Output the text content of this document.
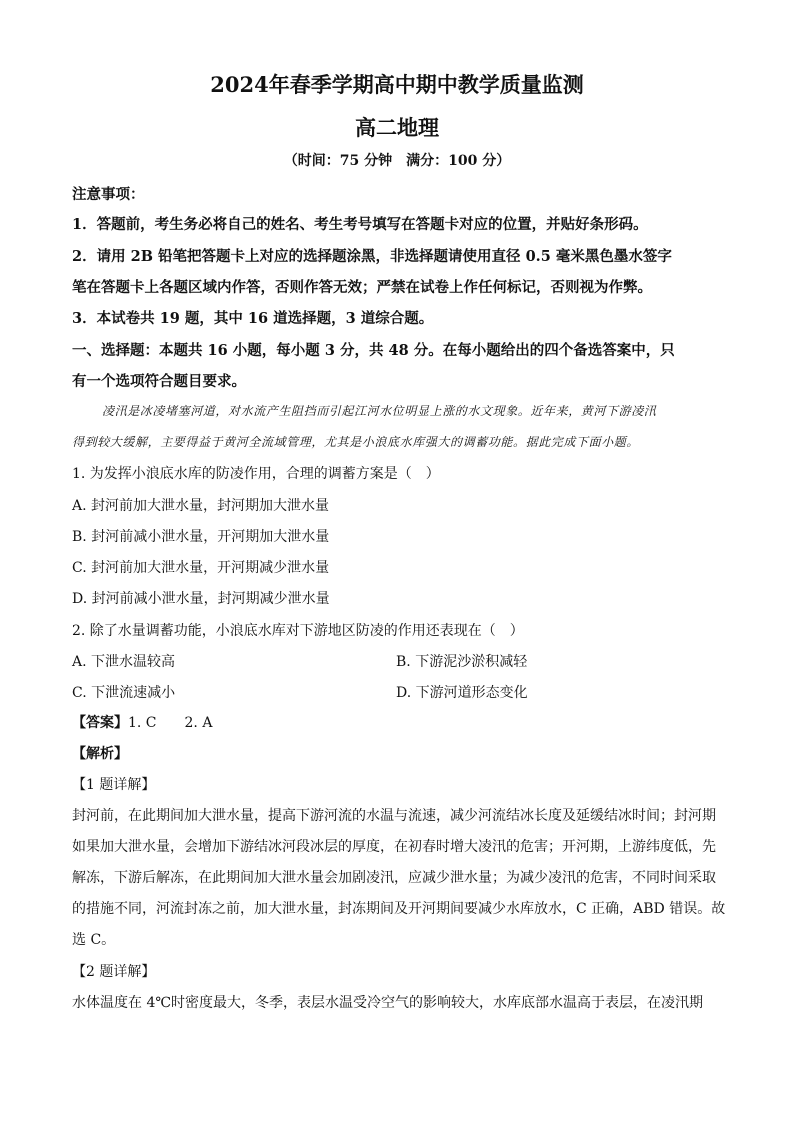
2024年春季学期高中期中教学质量监测
高二地理
（时间：75 分钟　满分：100 分）
注意事项：
1．答题前，考生务必将自己的姓名、考生考号填写在答题卡对应的位置，并贴好条形码。
2．请用 2B 铅笔把答题卡上对应的选择题涂黑，非选择题请使用直径 0.5 毫米黑色墨水签字
笔在答题卡上各题区域内作答，否则作答无效；严禁在试卷上作任何标记，否则视为作弊。
3．本试卷共 19 题，其中 16 道选择题，3 道综合题。
一、选择题：本题共 16 小题，每小题 3 分，共 48 分。在每小题给出的四个备选答案中，只
有一个选项符合题目要求。
凌汛是冰凌堵塞河道，对水流产生阻挡而引起江河水位明显上涨的水文现象。近年来，黄河下游凌汛
得到较大缓解，主要得益于黄河全流域管理，尤其是小浪底水库强大的调蓄功能。据此完成下面小题。
1. 为发挥小浪底水库的防凌作用，合理的调蓄方案是（　）
A. 封河前加大泄水量，封河期加大泄水量
B. 封河前减小泄水量，开河期加大泄水量
C. 封河前加大泄水量，开河期减少泄水量
D. 封河前减小泄水量，封河期减少泄水量
2. 除了水量调蓄功能，小浪底水库对下游地区防凌的作用还表现在（　）
A. 下泄水温较高	B. 下游泥沙淤积减轻
C. 下泄流速减小	D. 下游河道形态变化
【答案】1. C　　2. A
【解析】
【1 题详解】
封河前，在此期间加大泄水量，提高下游河流的水温与流速，减少河流结冰长度及延缓结冰时间；封河期
如果加大泄水量，会增加下游结冰河段冰层的厚度，在初春时增大凌汛的危害；开河期，上游纬度低，先
解冻，下游后解冻，在此期间加大泄水量会加剧凌汛，应减少泄水量；为减少凌汛的危害，不同时间采取
的措施不同，河流封冻之前，加大泄水量，封冻期间及开河期间要减少水库放水，C 正确，ABD 错误。故
选 C。
【2 题详解】
水体温度在 4℃时密度最大，冬季，表层水温受冷空气的影响较大，水库底部水温高于表层，在凌汛期
